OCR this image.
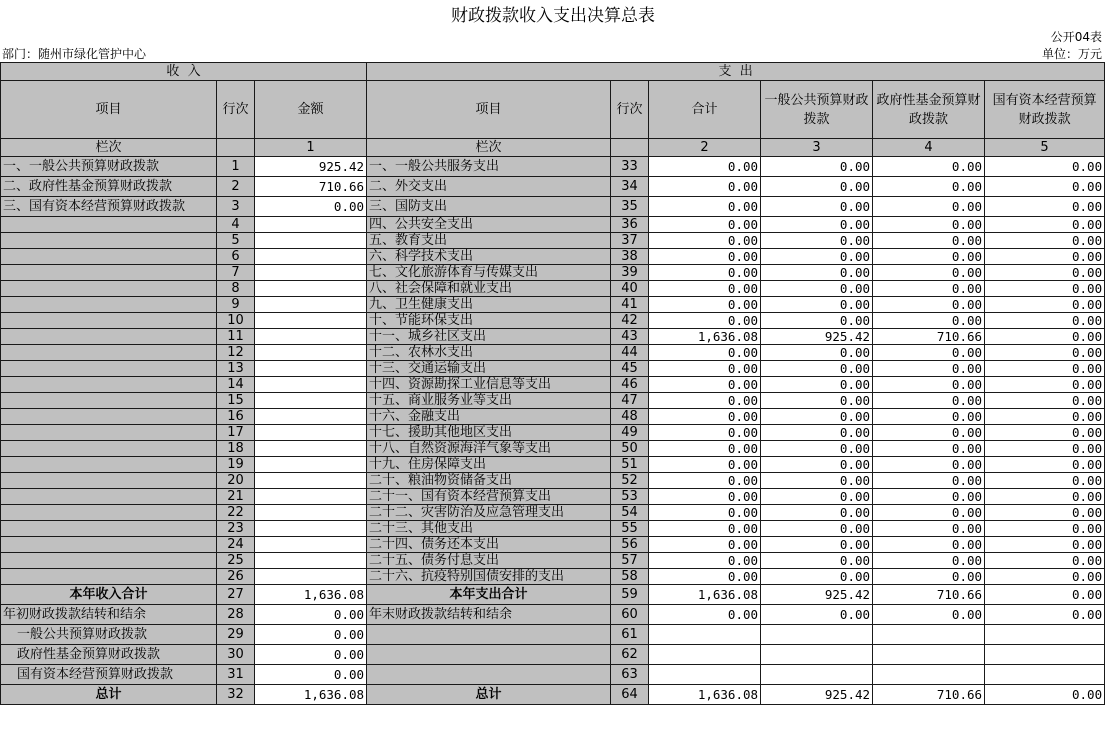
财政拨款收入支出决算总表
公开04表
部门：随州市绿化管护中心	单位：万元
收  入			支  出					
项目	行次	金额	项目	行次	合计	一般公共预算财政拨款	政府性基金预算财政拨款	国有资本经营预算财政拨款
栏次		1	栏次		2	3	4	5
一、一般公共预算财政拨款	1	925.42	一、一般公共服务支出	33	0.00	0.00	0.00	0.00
二、政府性基金预算财政拨款	2	710.66	二、外交支出	34	0.00	0.00	0.00	0.00
三、国有资本经营预算财政拨款	3	0.00	三、国防支出	35	0.00	0.00	0.00	0.00
	4		四、公共安全支出	36	0.00	0.00	0.00	0.00
	5		五、教育支出	37	0.00	0.00	0.00	0.00
	6		六、科学技术支出	38	0.00	0.00	0.00	0.00
	7		七、文化旅游体育与传媒支出	39	0.00	0.00	0.00	0.00
	8		八、社会保障和就业支出	40	0.00	0.00	0.00	0.00
	9		九、卫生健康支出	41	0.00	0.00	0.00	0.00
	10		十、节能环保支出	42	0.00	0.00	0.00	0.00
	11		十一、城乡社区支出	43	1,636.08	925.42	710.66	0.00
	12		十二、农林水支出	44	0.00	0.00	0.00	0.00
	13		十三、交通运输支出	45	0.00	0.00	0.00	0.00
	14		十四、资源勘探工业信息等支出	46	0.00	0.00	0.00	0.00
	15		十五、商业服务业等支出	47	0.00	0.00	0.00	0.00
	16		十六、金融支出	48	0.00	0.00	0.00	0.00
	17		十七、援助其他地区支出	49	0.00	0.00	0.00	0.00
	18		十八、自然资源海洋气象等支出	50	0.00	0.00	0.00	0.00
	19		十九、住房保障支出	51	0.00	0.00	0.00	0.00
	20		二十、粮油物资储备支出	52	0.00	0.00	0.00	0.00
	21		二十一、国有资本经营预算支出	53	0.00	0.00	0.00	0.00
	22		二十二、灾害防治及应急管理支出	54	0.00	0.00	0.00	0.00
	23		二十三、其他支出	55	0.00	0.00	0.00	0.00
	24		二十四、债务还本支出	56	0.00	0.00	0.00	0.00
	25		二十五、债务付息支出	57	0.00	0.00	0.00	0.00
	26		二十六、抗疫特别国债安排的支出	58	0.00	0.00	0.00	0.00
本年收入合计	27	1,636.08	本年支出合计	59	1,636.08	925.42	710.66	0.00
年初财政拨款结转和结余	28	0.00	年末财政拨款结转和结余	60	0.00	0.00	0.00	0.00
一般公共预算财政拨款	29	0.00		61				
政府性基金预算财政拨款	30	0.00		62				
国有资本经营预算财政拨款	31	0.00		63				
总计	32	1,636.08	总计	64	1,636.08	925.42	710.66	0.00
